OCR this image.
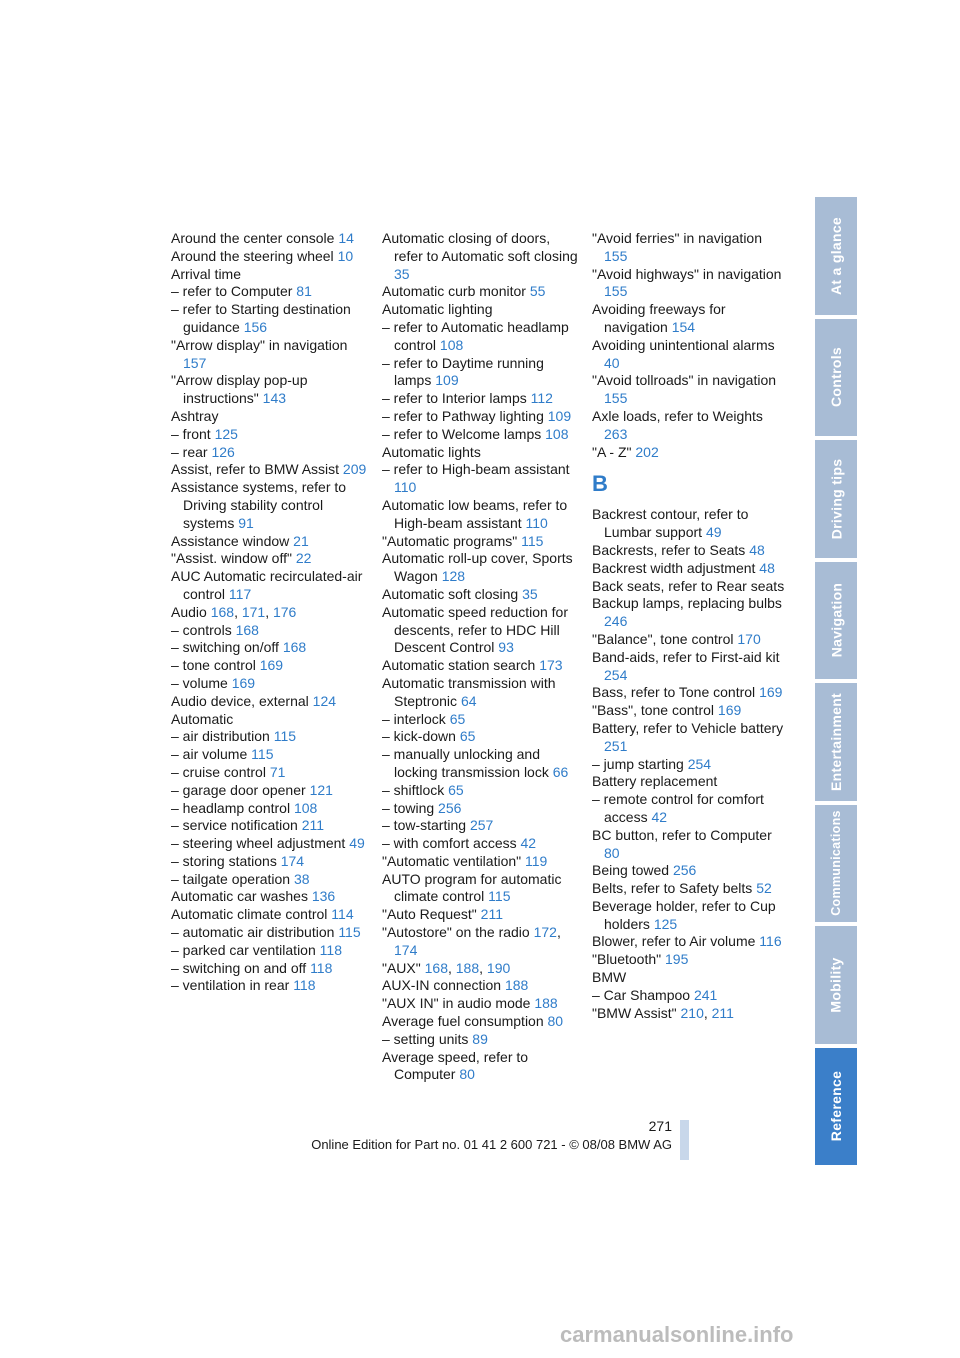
Around the center console 14
Around the steering wheel 10
Arrival time
– refer to Computer 81
– refer to Starting destination guidance 156
"Arrow display" in navigation 157
"Arrow display pop-up instructions" 143
Ashtray
– front 125
– rear 126
Assist, refer to BMW Assist 209
Assistance systems, refer to Driving stability control systems 91
Assistance window 21
"Assist. window off" 22
AUC Automatic recirculated-air control 117
Audio 168, 171, 176
– controls 168
– switching on/off 168
– tone control 169
– volume 169
Audio device, external 124
Automatic
– air distribution 115
– air volume 115
– cruise control 71
– garage door opener 121
– headlamp control 108
– service notification 211
– steering wheel adjustment 49
– storing stations 174
– tailgate operation 38
Automatic car washes 136
Automatic climate control 114
– automatic air distribution 115
– parked car ventilation 118
– switching on and off 118
– ventilation in rear 118
Automatic closing of doors, refer to Automatic soft closing 35
Automatic curb monitor 55
Automatic lighting
– refer to Automatic headlamp control 108
– refer to Daytime running lamps 109
– refer to Interior lamps 112
– refer to Pathway lighting 109
– refer to Welcome lamps 108
Automatic lights
– refer to High-beam assistant 110
Automatic low beams, refer to High-beam assistant 110
"Automatic programs" 115
Automatic roll-up cover, Sports Wagon 128
Automatic soft closing 35
Automatic speed reduction for descents, refer to HDC Hill Descent Control 93
Automatic station search 173
Automatic transmission with Steptronic 64
– interlock 65
– kick-down 65
– manually unlocking and locking transmission lock 66
– shiftlock 65
– towing 256
– tow-starting 257
– with comfort access 42
"Automatic ventilation" 119
AUTO program for automatic climate control 115
"Auto Request" 211
"Autostore" on the radio 172, 174
"AUX" 168, 188, 190
AUX-IN connection 188
"AUX IN" in audio mode 188
Average fuel consumption 80
– setting units 89
Average speed, refer to Computer 80
"Avoid ferries" in navigation 155
"Avoid highways" in navigation 155
Avoiding freeways for navigation 154
Avoiding unintentional alarms 40
"Avoid tollroads" in navigation 155
Axle loads, refer to Weights 263
"A - Z" 202
B
Backrest contour, refer to Lumbar support 49
Backrests, refer to Seats 48
Backrest width adjustment 48
Back seats, refer to Rear seats
Backup lamps, replacing bulbs 246
"Balance", tone control 170
Band-aids, refer to First-aid kit 254
Bass, refer to Tone control 169
"Bass", tone control 169
Battery, refer to Vehicle battery 251
– jump starting 254
Battery replacement
– remote control for comfort access 42
BC button, refer to Computer 80
Being towed 256
Belts, refer to Safety belts 52
Beverage holder, refer to Cup holders 125
Blower, refer to Air volume 116
"Bluetooth" 195
BMW
– Car Shampoo 241
"BMW Assist" 210, 211
At a glance
Controls
Driving tips
Navigation
Entertainment
Communications
Mobility
Reference
271
Online Edition for Part no. 01 41 2 600 721 - © 08/08 BMW AG
carmanualsonline.info
